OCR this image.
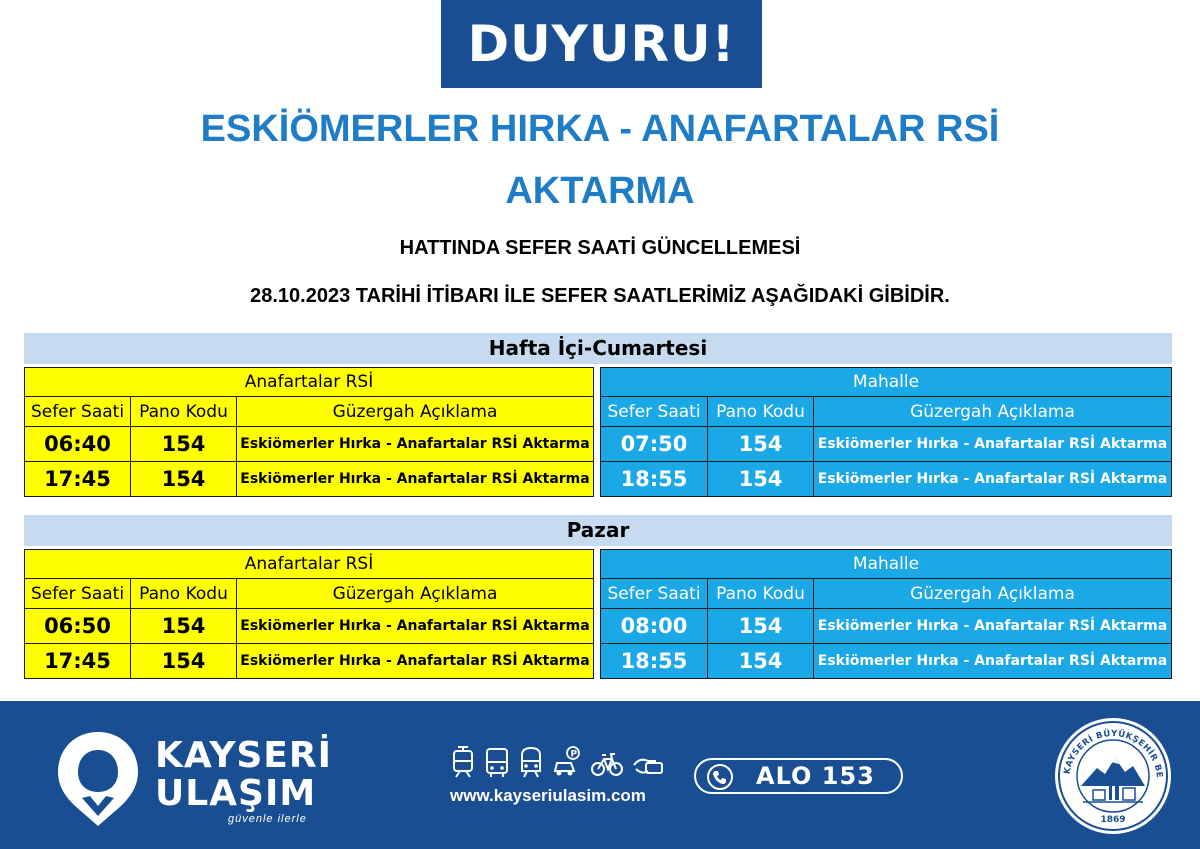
DUYURU!
ESKİÖMERLER HIRKA - ANAFARTALAR RSİ
AKTARMA
HATTINDA SEFER SAATİ GÜNCELLEMESİ
28.10.2023 TARİHİ İTİBARI İLE SEFER SAATLERİMİZ AŞAĞIDAKİ GİBİDİR.
Hafta İçi-Cumartesi
Anafartalar RSİ		
Sefer Saati	Pano Kodu	Güzergah Açıklama
06:40	154	Eskiömerler Hırka - Anafartalar RSİ Aktarma
17:45	154	Eskiömerler Hırka - Anafartalar RSİ Aktarma
Mahalle		
Sefer Saati	Pano Kodu	Güzergah Açıklama
07:50	154	Eskiömerler Hırka - Anafartalar RSİ Aktarma
18:55	154	Eskiömerler Hırka - Anafartalar RSİ Aktarma
Pazar
Anafartalar RSİ		
Sefer Saati	Pano Kodu	Güzergah Açıklama
06:50	154	Eskiömerler Hırka - Anafartalar RSİ Aktarma
17:45	154	Eskiömerler Hırka - Anafartalar RSİ Aktarma
Mahalle		
Sefer Saati	Pano Kodu	Güzergah Açıklama
08:00	154	Eskiömerler Hırka - Anafartalar RSİ Aktarma
18:55	154	Eskiömerler Hırka - Anafartalar RSİ Aktarma
KAYSERİ
ULAŞIM
güvenle ilerle
P
www.kayseriulasim.com
ALO 153	KAYSERİ BÜYÜKŞEHİR BE
1869
